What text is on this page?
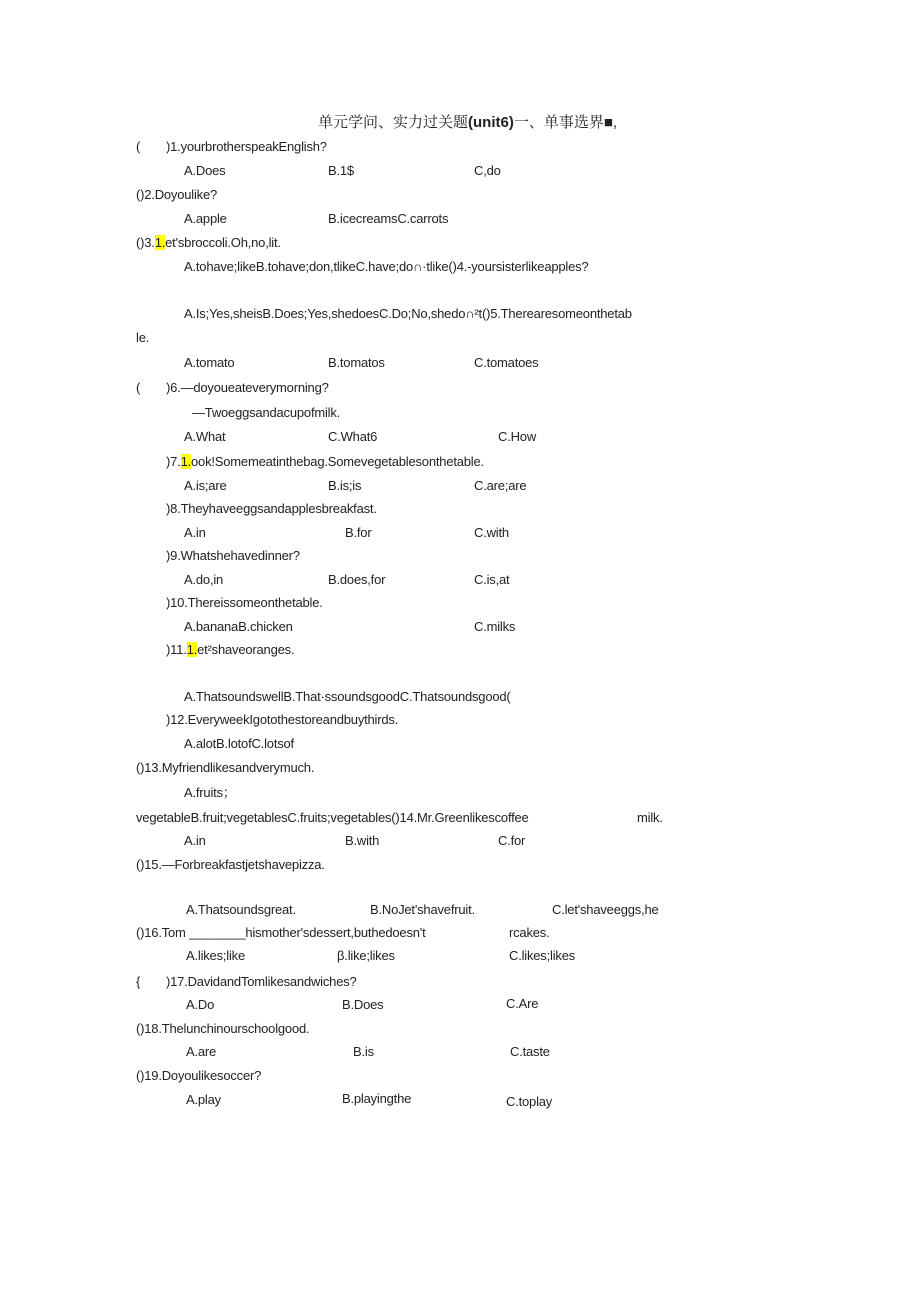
单元学问、实力过关题(unit6)一、单事选界■,
( )1.yourbrotherspeakEnglish?
A.Does	B.1$	C,do
()2.Doyoulike?
A.apple	B.icecreamsC.carrots
()3.1.et'sbroccoli.Oh,no,lit.
A.tohave;likeB.tohave;don,tlikeC.have;do∩·tlike()4.-yoursisterlikeapples?
A.Is;Yes,sheisB.Does;Yes,shedoesC.Do;No,shedo∩²t()5.Therearesomeonthetab
le.
A.tomato	B.tomatos	C.tomatoes
( )6.—doyoueateverymorning?
—Twoeggsandacupofmilk.
A.What	C.What6	C.How
)7.1.ook!Somemeatinthebag.Somevegetablesonthetable.
A.is;are	B.is;is	C.are;are
)8.Theyhaveeggsandapplesbreakfast.
A.in	B.for	C.with
)9.Whatshehavedinner?
A.do,in	B.does,for	C.is,at
)10.Thereissomeonthetable.
A.bananaB.chicken	C.milks
)11.1.et²shaveoranges.
A.ThatsoundswellB.That·ssoundsgoodC.Thatsoundsgood(
)12.EveryweekIgotothestoreandbuythirds.
A.alotB.lotofC.lotsof
()13.Myfriendlikesandverymuch.
A.fruits；
vegetableB.fruit;vegetablesC.fruits;vegetables()14.Mr.Greenlikescoffee	milk.
A.in	B.with	C.for
()15.—Forbreakfastjetshavepizza.
A.Thatsoundsgreat.	B.NoJet'shavefruit.	C.let'shaveeggs,he
()16.Tom ________hismother'sdessert,buthedoesn't	rcakes.
A.likes;like	β.like;likes	C.likes;likes
{ )17.DavidandTomlikesandwiches?
A.Do	B.Does	C.Are
()18.Thelunchinourschoolgood.
A.are	B.is	C.taste
()19.Doyoulikesoccer?
A.play	B.playingthe	C.toplay
